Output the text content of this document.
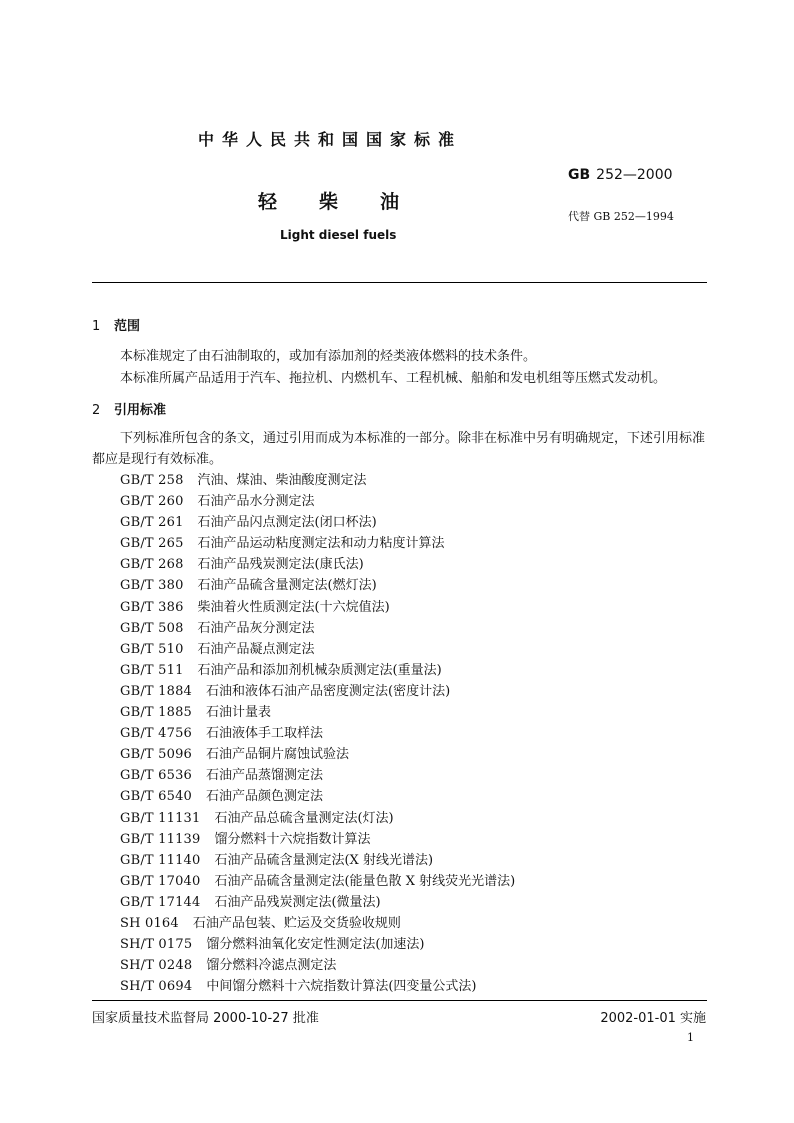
中华人民共和国国家标准
GB 252—2000
轻柴油
代替 GB 252—1994
Light diesel fuels
1 范围
本标准规定了由石油制取的，或加有添加剂的烃类液体燃料的技术条件。
本标准所属产品适用于汽车、拖拉机、内燃机车、工程机械、船舶和发电机组等压燃式发动机。
2 引用标准
下列标准所包含的条文，通过引用而成为本标准的一部分。除非在标准中另有明确规定，下述引用标准都应是现行有效标准。
GB/T 258 汽油、煤油、柴油酸度测定法
GB/T 260 石油产品水分测定法
GB/T 261 石油产品闪点测定法(闭口杯法)
GB/T 265 石油产品运动粘度测定法和动力粘度计算法
GB/T 268 石油产品残炭测定法(康氏法)
GB/T 380 石油产品硫含量测定法(燃灯法)
GB/T 386 柴油着火性质测定法(十六烷值法)
GB/T 508 石油产品灰分测定法
GB/T 510 石油产品凝点测定法
GB/T 511 石油产品和添加剂机械杂质测定法(重量法)
GB/T 1884 石油和液体石油产品密度测定法(密度计法)
GB/T 1885 石油计量表
GB/T 4756 石油液体手工取样法
GB/T 5096 石油产品铜片腐蚀试验法
GB/T 6536 石油产品蒸馏测定法
GB/T 6540 石油产品颜色测定法
GB/T 11131 石油产品总硫含量测定法(灯法)
GB/T 11139 馏分燃料十六烷指数计算法
GB/T 11140 石油产品硫含量测定法(X 射线光谱法)
GB/T 17040 石油产品硫含量测定法(能量色散 X 射线荧光光谱法)
GB/T 17144 石油产品残炭测定法(微量法)
SH 0164 石油产品包装、贮运及交货验收规则
SH/T 0175 馏分燃料油氧化安定性测定法(加速法)
SH/T 0248 馏分燃料冷滤点测定法
SH/T 0694 中间馏分燃料十六烷指数计算法(四变量公式法)
国家质量技术监督局 2000-10-27 批准	2002-01-01 实施
1
